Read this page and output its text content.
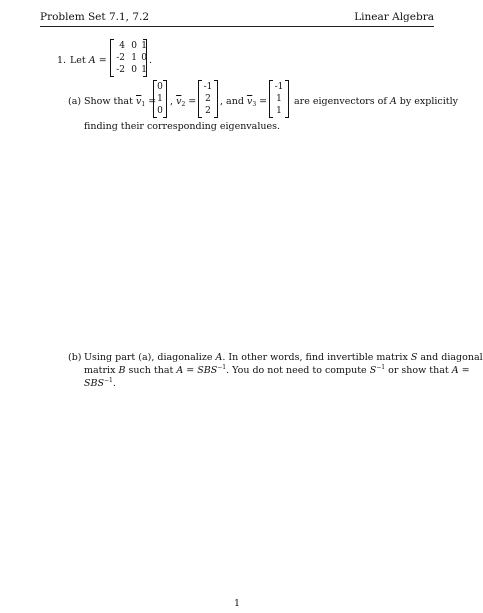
Problem Set 7.1, 7.2	Linear Algebra
1. Let A =
4	0	1
-2	1	0
-2	0	1
.
(a) Show that $\overline{v}_1$ =
0
1
0
, $\overline{v}_2$ =
-1
2
2
, and $\overline{v}_3$ =
-1
1
1
are eigenvectors of A by explicitly
finding their corresponding eigenvalues.
(b) Using part (a), diagonalize A. In other words, find invertible matrix S and diagonal
matrix B such that $A = SBS^{-1}$. You do not need to compute $S^{-1}$ or show that A =
$SBS^{-1}$.
1
